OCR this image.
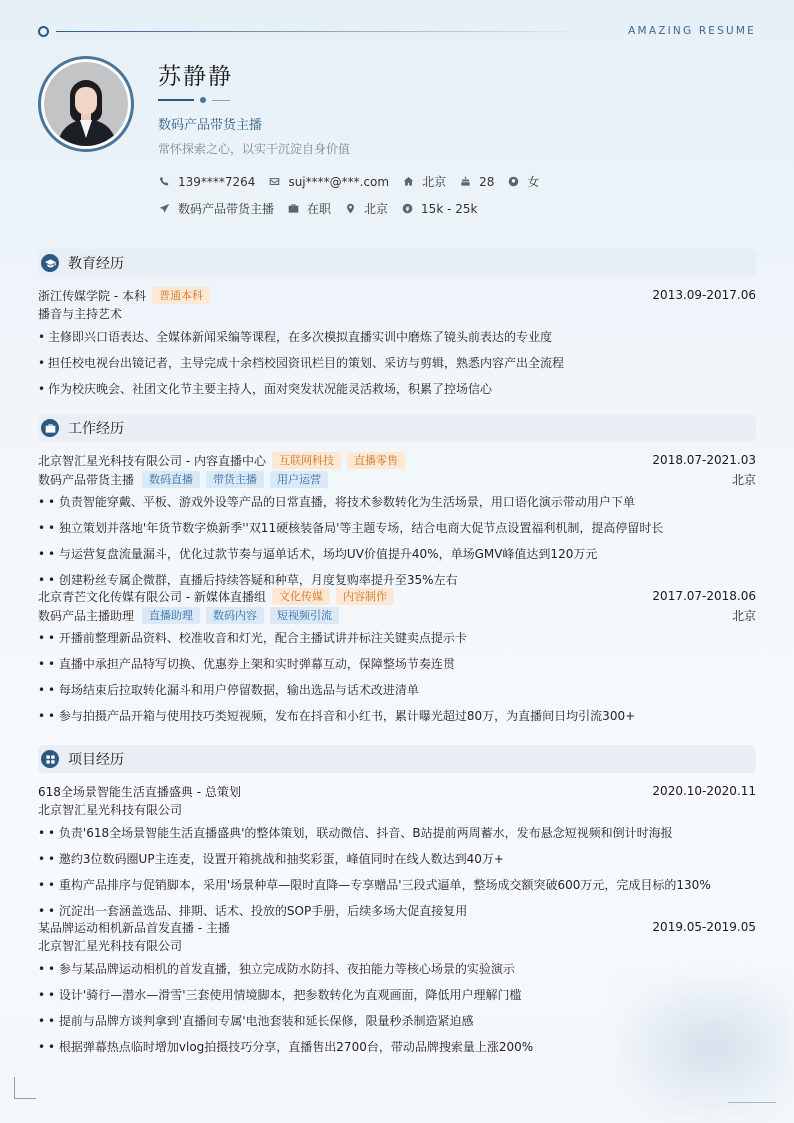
AMAZING RESUME
苏静静
数码产品带货主播
常怀探索之心，以实干沉淀自身价值
139****7264	suj****@***.com	北京	28	女
数码产品带货主播	在职	北京	15k - 25k
教育经历
浙江传媒学院 - 本科	普通本科	2013.09-2017.06
播音与主持艺术
• 主修即兴口语表达、全媒体新闻采编等课程，在多次模拟直播实训中磨炼了镜头前表达的专业度
• 担任校电视台出镜记者，主导完成十余档校园资讯栏目的策划、采访与剪辑，熟悉内容产出全流程
• 作为校庆晚会、社团文化节主要主持人，面对突发状况能灵活救场，积累了控场信心
工作经历
北京智汇星光科技有限公司 - 内容直播中心	互联网科技	直播零售	2018.07-2021.03
数码产品带货主播	数码直播	带货主播	用户运营	北京
• • 负责智能穿戴、平板、游戏外设等产品的日常直播，将技术参数转化为生活场景，用口语化演示带动用户下单
• • 独立策划并落地'年货节数字焕新季''双11硬核装备局'等主题专场，结合电商大促节点设置福利机制，提高停留时长
• • 与运营复盘流量漏斗，优化过款节奏与逼单话术，场均UV价值提升40%，单场GMV峰值达到120万元
• • 创建粉丝专属企微群，直播后持续答疑和种草，月度复购率提升至35%左右
北京青芒文化传媒有限公司 - 新媒体直播组	文化传媒	内容制作	2017.07-2018.06
数码产品主播助理	直播助理	数码内容	短视频引流	北京
• • 开播前整理新品资料、校准收音和灯光，配合主播试讲并标注关键卖点提示卡
• • 直播中承担产品特写切换、优惠券上架和实时弹幕互动，保障整场节奏连贯
• • 每场结束后拉取转化漏斗和用户停留数据，输出选品与话术改进清单
• • 参与拍摄产品开箱与使用技巧类短视频，发布在抖音和小红书，累计曝光超过80万，为直播间日均引流300+
项目经历
618全场景智能生活直播盛典 - 总策划	2020.10-2020.11
北京智汇星光科技有限公司
• • 负责'618全场景智能生活直播盛典'的整体策划，联动微信、抖音、B站提前两周蓄水，发布悬念短视频和倒计时海报
• • 邀约3位数码圈UP主连麦，设置开箱挑战和抽奖彩蛋，峰值同时在线人数达到40万+
• • 重构产品排序与促销脚本，采用'场景种草—限时直降—专享赠品'三段式逼单，整场成交额突破600万元，完成目标的130%
• • 沉淀出一套涵盖选品、排期、话术、投放的SOP手册，后续多场大促直接复用
某品牌运动相机新品首发直播 - 主播	2019.05-2019.05
北京智汇星光科技有限公司
• • 参与某品牌运动相机的首发直播，独立完成防水防抖、夜拍能力等核心场景的实验演示
• • 设计'骑行—潜水—滑雪'三套使用情境脚本，把参数转化为直观画面，降低用户理解门槛
• • 提前与品牌方谈判拿到'直播间专属'电池套装和延长保修，限量秒杀制造紧迫感
• • 根据弹幕热点临时增加vlog拍摄技巧分享，直播售出2700台，带动品牌搜索量上涨200%
